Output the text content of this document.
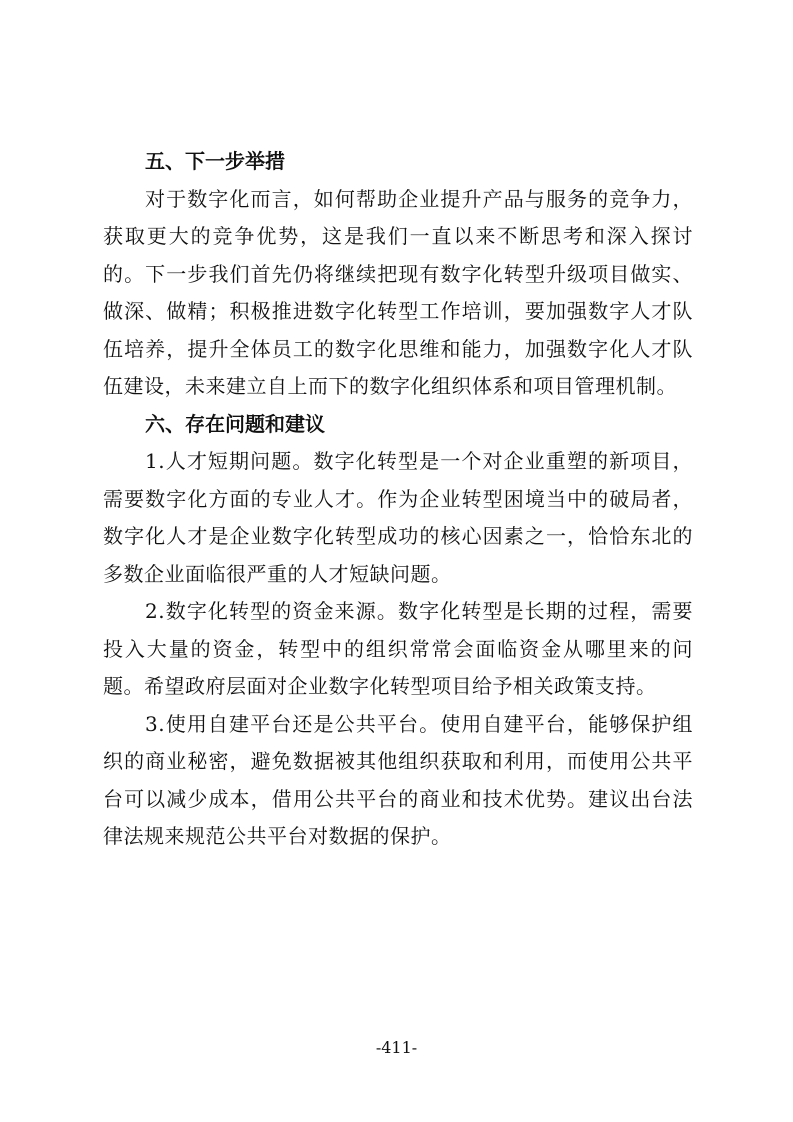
五、下一步举措

对于数字化而言，如何帮助企业提升产品与服务的竞争力，获取更大的竞争优势，这是我们一直以来不断思考和深入探讨的。下一步我们首先仍将继续把现有数字化转型升级项目做实、做深、做精；积极推进数字化转型工作培训，要加强数字人才队伍培养，提升全体员工的数字化思维和能力，加强数字化人才队伍建设，未来建立自上而下的数字化组织体系和项目管理机制。

六、存在问题和建议

1.人才短期问题。数字化转型是一个对企业重塑的新项目，需要数字化方面的专业人才。作为企业转型困境当中的破局者，数字化人才是企业数字化转型成功的核心因素之一，恰恰东北的多数企业面临很严重的人才短缺问题。

2.数字化转型的资金来源。数字化转型是长期的过程，需要投入大量的资金，转型中的组织常常会面临资金从哪里来的问题。希望政府层面对企业数字化转型项目给予相关政策支持。

3.使用自建平台还是公共平台。使用自建平台，能够保护组织的商业秘密，避免数据被其他组织获取和利用，而使用公共平台可以减少成本，借用公共平台的商业和技术优势。建议出台法律法规来规范公共平台对数据的保护。

-411-
